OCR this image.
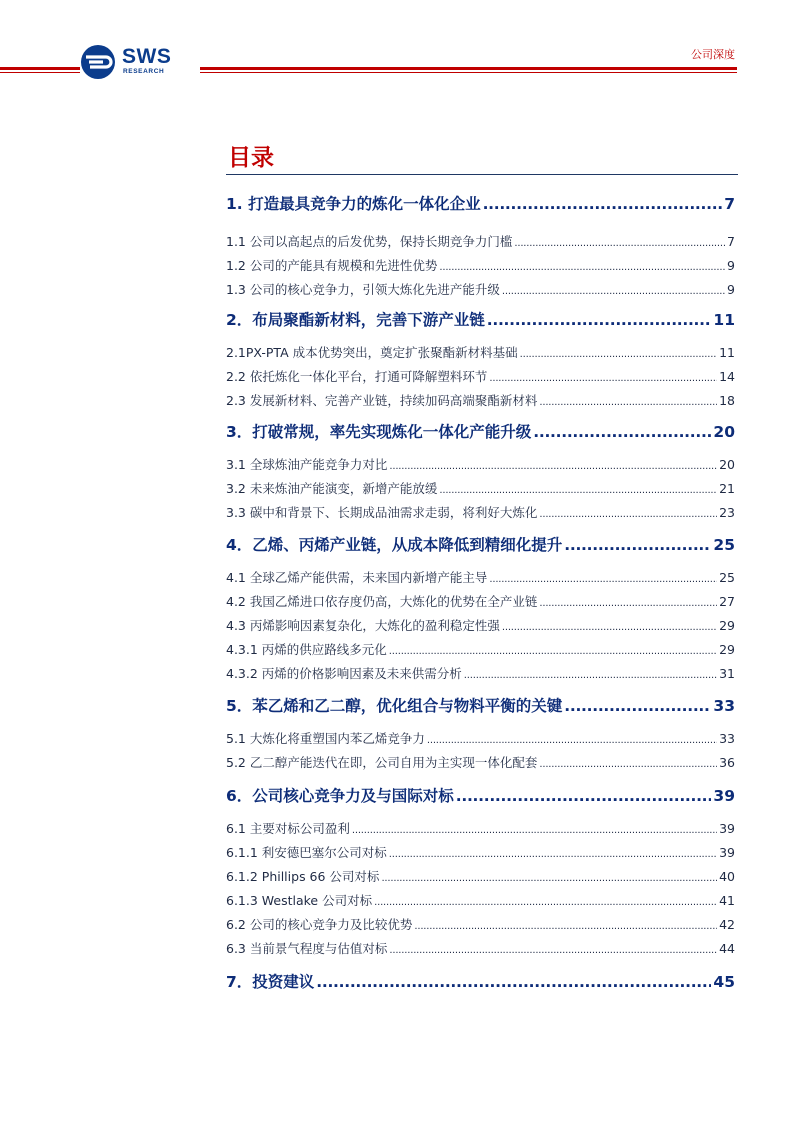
SWS
RESEARCH
公司深度
目录
1. 打造最具竞争力的炼化一体化企业 .....	7
1.1 公司以高起点的后发优势，保持长期竞争力门槛 .....	7
1.2 公司的产能具有规模和先进性优势 .....	9
1.3 公司的核心竞争力，引领大炼化先进产能升级 .....	9
2．布局聚酯新材料，完善下游产业链 .....	11
2.1PX-PTA 成本优势突出，奠定扩张聚酯新材料基础 .....	11
2.2 依托炼化一体化平台，打通可降解塑料环节 .....	14
2.3 发展新材料、完善产业链，持续加码高端聚酯新材料 .....	18
3．打破常规，率先实现炼化一体化产能升级 .....	20
3.1 全球炼油产能竞争力对比 .....	20
3.2 未来炼油产能演变，新增产能放缓 .....	21
3.3 碳中和背景下、长期成品油需求走弱，将利好大炼化 .....	23
4．乙烯、丙烯产业链，从成本降低到精细化提升 .....	25
4.1 全球乙烯产能供需，未来国内新增产能主导 .....	25
4.2 我国乙烯进口依存度仍高，大炼化的优势在全产业链 .....	27
4.3 丙烯影响因素复杂化，大炼化的盈利稳定性强 .....	29
4.3.1 丙烯的供应路线多元化 .....	29
4.3.2 丙烯的价格影响因素及未来供需分析 .....	31
5．苯乙烯和乙二醇，优化组合与物料平衡的关键 .....	33
5.1 大炼化将重塑国内苯乙烯竞争力 .....	33
5.2 乙二醇产能迭代在即，公司自用为主实现一体化配套 .....	36
6．公司核心竞争力及与国际对标 .....	39
6.1 主要对标公司盈利 .....	39
6.1.1 利安德巴塞尔公司对标 .....	39
6.1.2 Phillips 66 公司对标 .....	40
6.1.3 Westlake 公司对标 .....	41
6.2 公司的核心竞争力及比较优势 .....	42
6.3 当前景气程度与估值对标 .....	44
7．投资建议 .....	45
